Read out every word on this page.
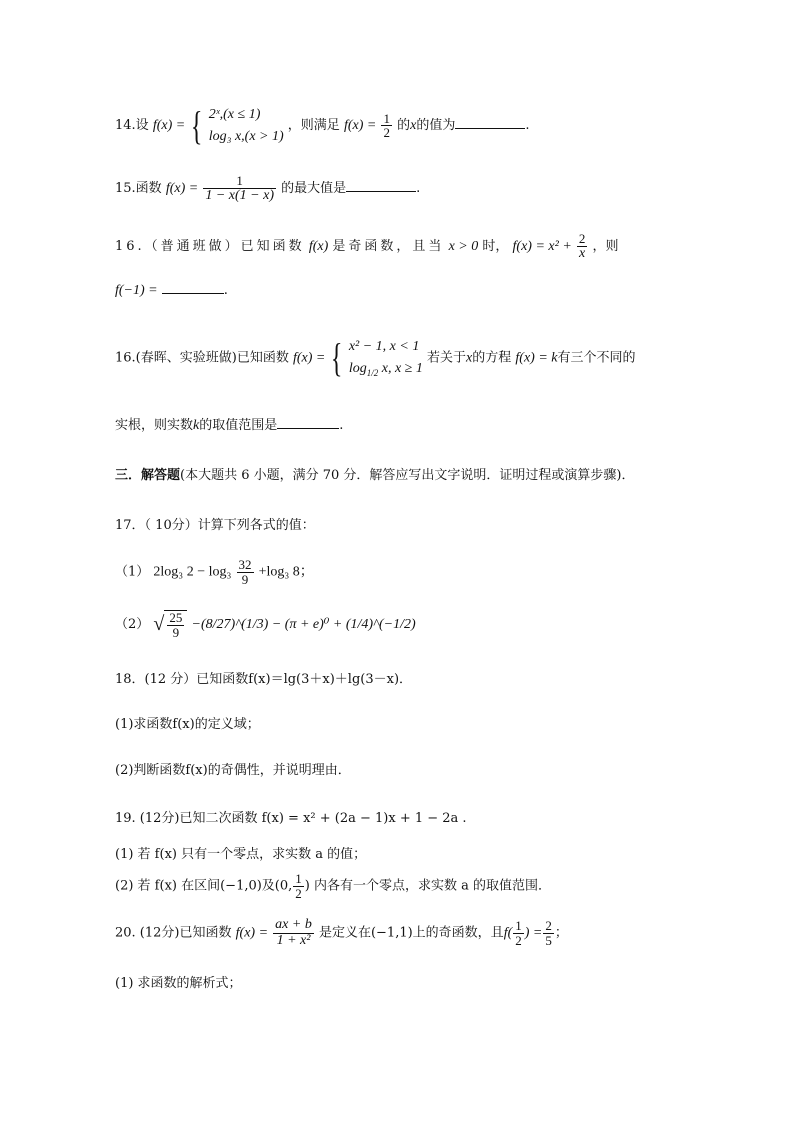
14.设 f(x) = { 2ˣ,(x ≤ 1)
log₃ x,(x > 1)
，则满足 $f(x) = \frac{1}{2}$ 的x的值为	.
15.函数 $f(x) = \frac{1}{1 - x(1 - x)}$ 的最大值是	.
16.（普通班做）已知函数 f(x) 是奇函数，且当 x > 0 时， $f(x) = x^2 + \frac{2}{x}$ ，则
f(−1) =	.
16.(春晖、实验班做)已知函数 f(x) = { x² − 1, x < 1
$\log_{1/2} x$, x ≥ 1
若关于x的方程 f(x) = k有三个不同的
实根，则实数k的取值范围是	.
三．解答题(本大题共 6 小题，满分 70 分．解答应写出文字说明．证明过程或演算步骤)．
17．（ 10分）计算下列各式的值：
（1） 2log₃ $2 - \log_3 \frac{32}{9} +\log_3$ 8；
（2） √ $\frac{25}{9}$ −(8/27)^(1/3) − (π + e)⁰ + (1/4)^(−1/2)
18．(12 分）已知函数f(x)＝lg(3＋x)＋lg(3－x)．
(1)求函数f(x)的定义域；
(2)判断函数f(x)的奇偶性，并说明理由．
19. (12分)已知二次函数 f(x) = x² + (2a − 1)x + 1 − 2a .
(1) 若 f(x) 只有一个零点，求实数 a 的值；
(2) 若 f(x) 在区间(−1,0)及(0, $\frac{1}{2}$ ) 内各有一个零点，求实数 a 的取值范围．
20. (12分)已知函数 $f(x) = \frac{ax + b}{\text{1 + x²}}$ 是定义在(−1,1)上的奇函数，且$f( \frac{1}{2}$ ) = $\frac{2}{5}$ ；
(1) 求函数的解析式；
